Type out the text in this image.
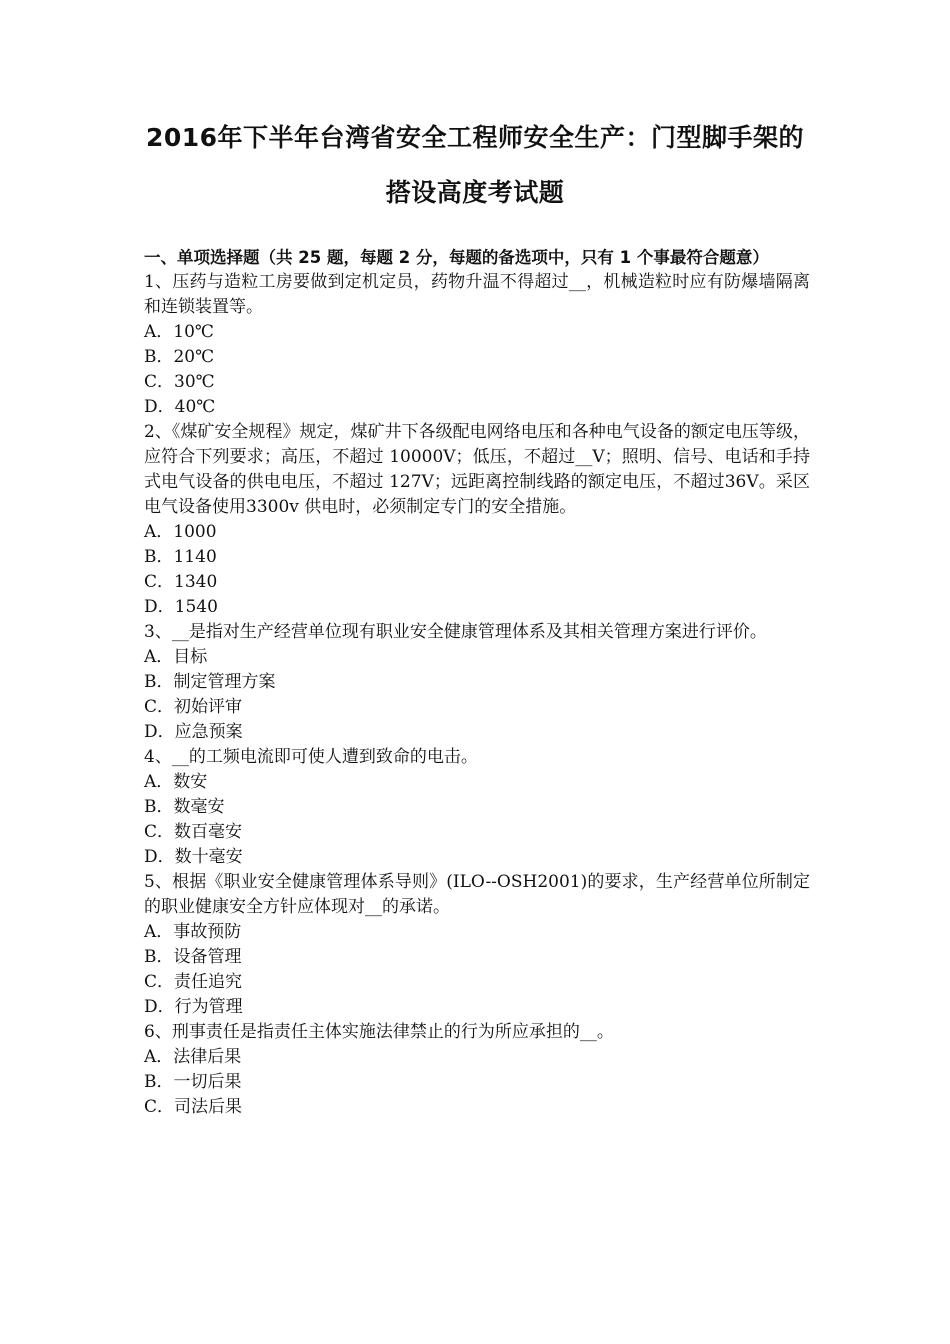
2016年下半年台湾省安全工程师安全生产：门型脚手架的
搭设高度考试题
一、单项选择题（共 25 题，每题 2 分，每题的备选项中，只有 1 个事最符合题意）
1、压药与造粒工房要做到定机定员，药物升温不得超过__，机械造粒时应有防爆墙隔离和连锁装置等。
A．10℃
B．20℃
C．30℃
D．40℃
2、《煤矿安全规程》规定，煤矿井下各级配电网络电压和各种电气设备的额定电压等级，应符合下列要求；高压，不超过 10000V；低压，不超过__V；照明、信号、电话和手持式电气设备的供电电压，不超过 127V；远距离控制线路的额定电压，不超过36V。采区电气设备使用3300v 供电时，必须制定专门的安全措施。
A．1000
B．1140
C．1340
D．1540
3、__是指对生产经营单位现有职业安全健康管理体系及其相关管理方案进行评价。
A．目标
B．制定管理方案
C．初始评审
D．应急预案
4、__的工频电流即可使人遭到致命的电击。
A．数安
B．数毫安
C．数百毫安
D．数十毫安
5、根据《职业安全健康管理体系导则》(ILO--OSH2001)的要求，生产经营单位所制定的职业健康安全方针应体现对__的承诺。
A．事故预防
B．设备管理
C．责任追究
D．行为管理
6、刑事责任是指责任主体实施法律禁止的行为所应承担的__。
A．法律后果
B．一切后果
C．司法后果
